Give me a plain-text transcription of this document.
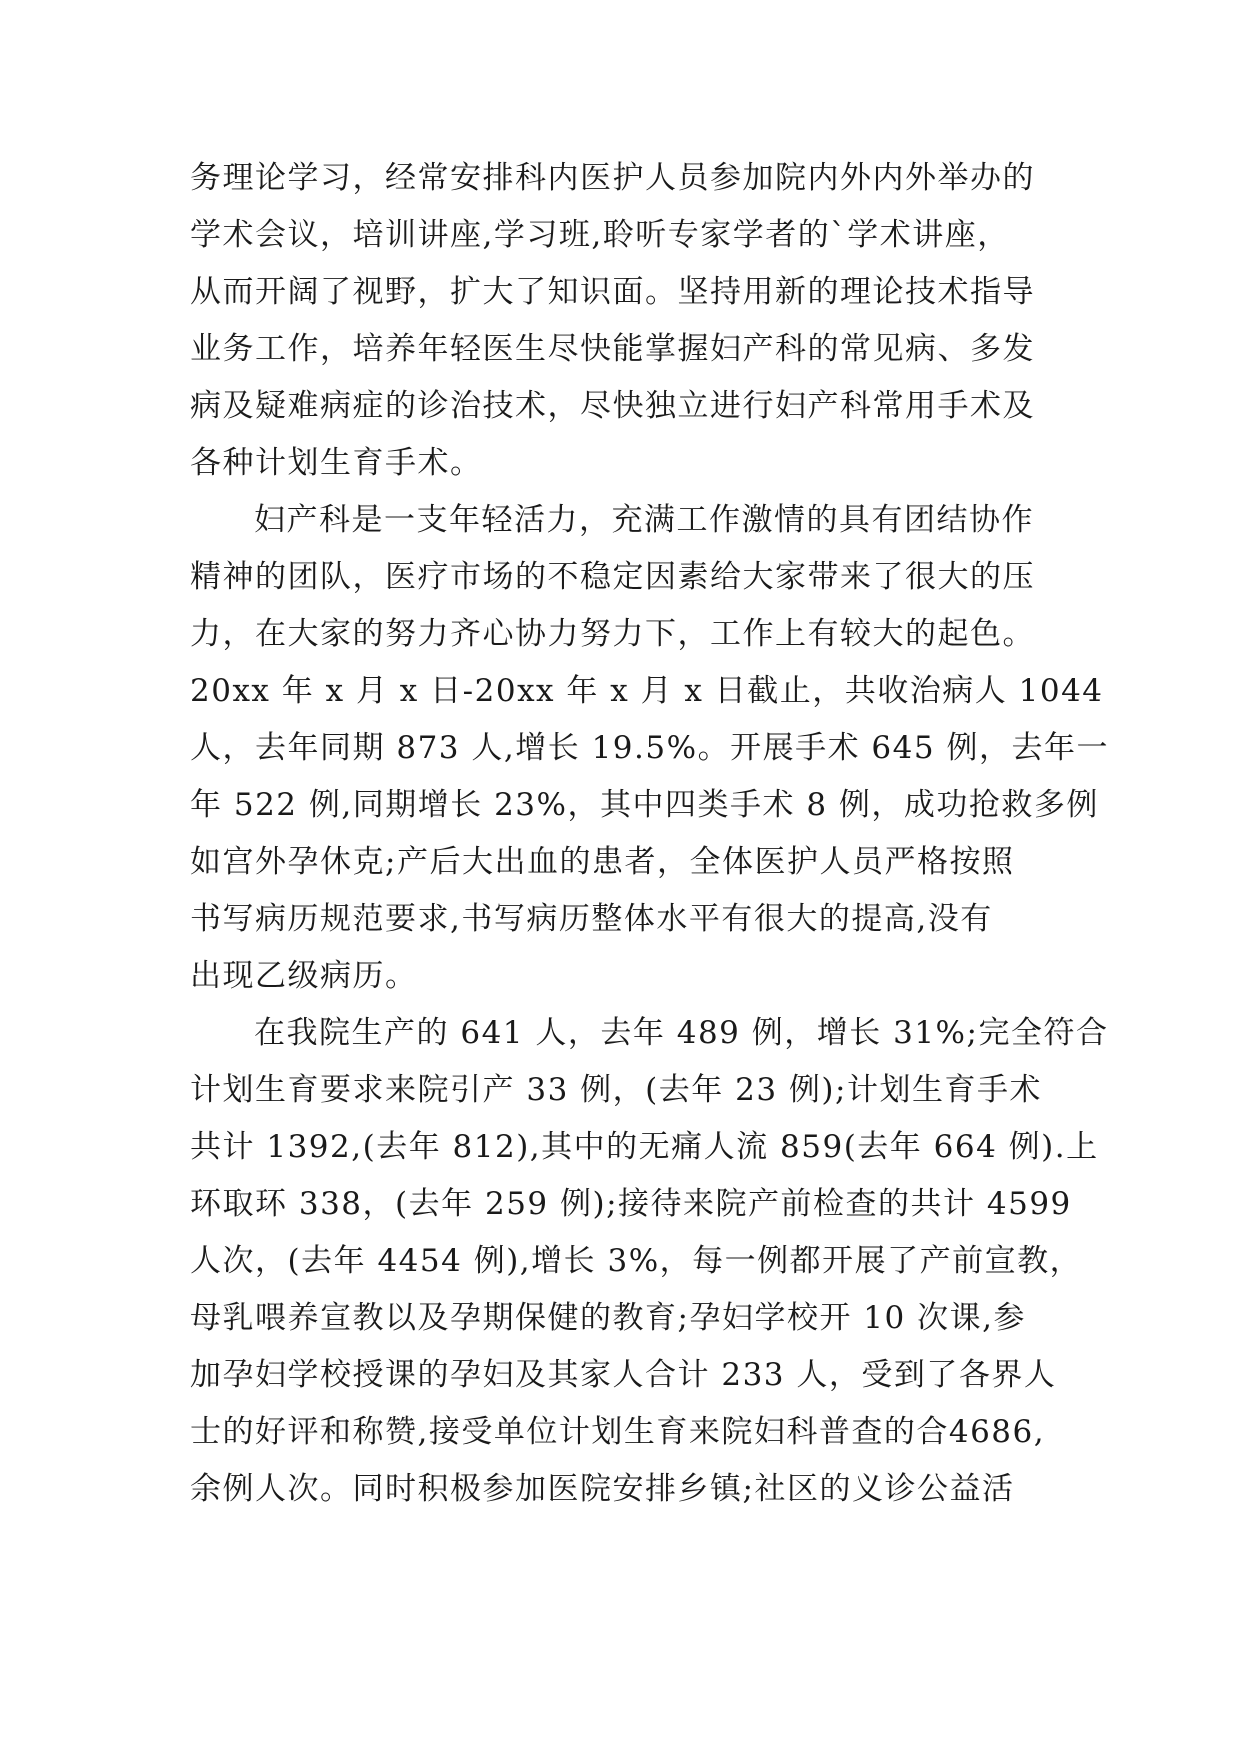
务理论学习，经常安排科内医护人员参加院内外内外举办的
学术会议，培训讲座,学习班,聆听专家学者的`学术讲座，
从而开阔了视野，扩大了知识面。坚持用新的理论技术指导
业务工作，培养年轻医生尽快能掌握妇产科的常见病、多发
病及疑难病症的诊治技术，尽快独立进行妇产科常用手术及
各种计划生育手术。
妇产科是一支年轻活力，充满工作激情的具有团结协作
精神的团队，医疗市场的不稳定因素给大家带来了很大的压
力，在大家的努力齐心协力努力下，工作上有较大的起色。
20xx 年 x 月 x 日-20xx 年 x 月 x 日截止，共收治病人 1044
人，去年同期 873 人,增长 19.5%。开展手术 645 例，去年一
年 522 例,同期增长 23%，其中四类手术 8 例，成功抢救多例
如宫外孕休克;产后大出血的患者，全体医护人员严格按照
书写病历规范要求,书写病历整体水平有很大的提高,没有
出现乙级病历。
在我院生产的 641 人，去年 489 例，增长 31%;完全符合
计划生育要求来院引产 33 例，(去年 23 例);计划生育手术
共计 1392,(去年 812),其中的无痛人流 859(去年 664 例).上
环取环 338，(去年 259 例);接待来院产前检查的共计 4599
人次，(去年 4454 例),增长 3%，每一例都开展了产前宣教，
母乳喂养宣教以及孕期保健的教育;孕妇学校开 10 次课,参
加孕妇学校授课的孕妇及其家人合计 233 人，受到了各界人
士的好评和称赞,接受单位计划生育来院妇科普查的合4686,
余例人次。同时积极参加医院安排乡镇;社区的义诊公益活
